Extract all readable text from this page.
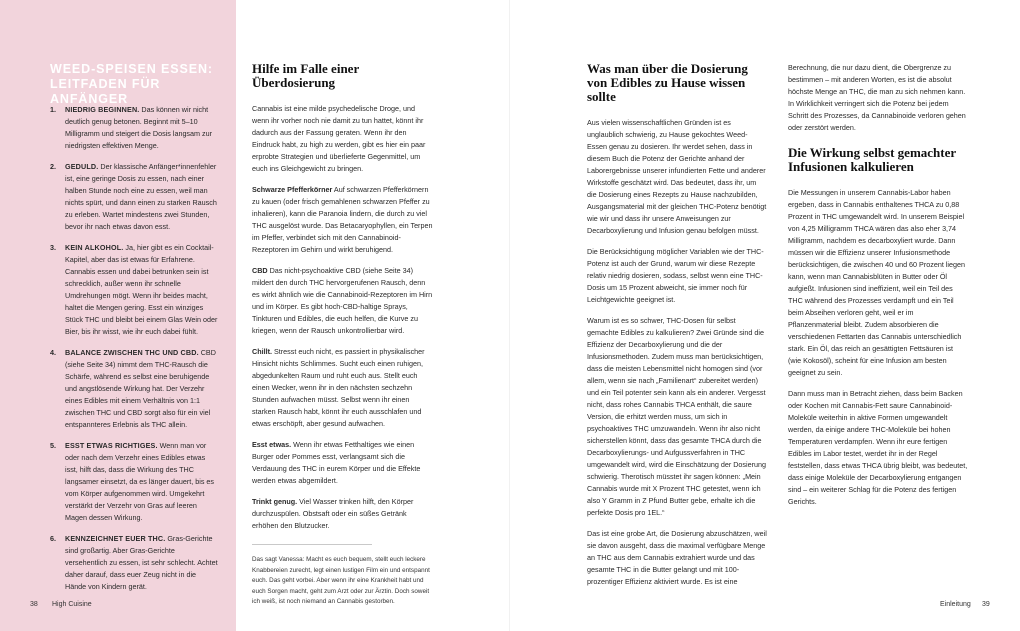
WEED-SPEISEN ESSEN: LEITFADEN FÜR ANFÄNGER
1.	NIEDRIG BEGINNEN. Das können wir nicht deutlich genug betonen. Beginnt mit 5–10 Milligramm und steigert die Dosis langsam zur niedrigsten effektiven Menge.
2.	GEDULD. Der klassische Anfänger*innenfehler ist, eine geringe Dosis zu essen, nach einer halben Stunde noch eine zu essen, weil man nichts spürt, und dann einen zu starken Rausch zu erleben. Wartet mindestens zwei Stunden, bevor ihr nach etwas davon esst.
3.	KEIN ALKOHOL. Ja, hier gibt es ein Cocktail-Kapitel, aber das ist etwas für Erfahrene. Cannabis essen und dabei betrunken sein ist schrecklich, außer wenn ihr schnelle Umdrehungen mögt. Wenn ihr beides macht, haltet die Mengen gering. Esst ein winziges Stück THC und bleibt bei einem Glas Wein oder Bier, bis ihr wisst, wie ihr euch dabei fühlt.
4.	BALANCE ZWISCHEN THC UND CBD. CBD (siehe Seite 34) nimmt dem THC-Rausch die Schärfe, während es selbst eine beruhigende und angstlösende Wirkung hat. Der Verzehr eines Edibles mit einem Verhältnis von 1:1 zwischen THC und CBD sorgt also für ein viel entspannteres Erlebnis als THC allein.
5.	ESST ETWAS RICHTIGES. Wenn man vor oder nach dem Verzehr eines Edibles etwas isst, hilft das, dass die Wirkung des THC langsamer einsetzt, da es länger dauert, bis es vom Körper aufgenommen wird. Umgekehrt verstärkt der Verzehr von Gras auf leeren Magen dessen Wirkung.
6.	KENNZEICHNET EUER THC. Gras-Gerichte sind großartig. Aber Gras-Gerichte versehentlich zu essen, ist sehr schlecht. Achtet daher darauf, dass euer Zeug nicht in die Hände von Kindern gerät.
Hilfe im Falle einer Überdosierung

Cannabis ist eine milde psychedelische Droge, und wenn ihr vorher noch nie damit zu tun hattet, könnt ihr dadurch aus der Fassung geraten. Wenn ihr den Eindruck habt, zu high zu werden, gibt es hier ein paar erprobte Strategien und überlieferte Gegenmittel, um euch ins Gleichgewicht zu bringen.

Schwarze Pfefferkörner Auf schwarzen Pfefferkörnern zu kauen (oder frisch gemahlenen schwarzen Pfeffer zu inhalieren), kann die Paranoia lindern, die durch zu viel THC ausgelöst wurde. Das Betacaryophyllen, ein Terpen im Pfeffer, verbindet sich mit den Cannabinoid-Rezeptoren im Gehirn und wirkt beruhigend.

CBD Das nicht-psychoaktive CBD (siehe Seite 34) mildert den durch THC hervorgerufenen Rausch, denn es wirkt ähnlich wie die Cannabinoid-Rezeptoren im Hirn und im Körper. Es gibt hoch-CBD-haltige Sprays, Tinkturen und Edibles, die euch helfen, die Kurve zu kriegen, wenn der Rausch unkontrollierbar wird.

Chillt. Stresst euch nicht, es passiert in physikalischer Hinsicht nichts Schlimmes. Sucht euch einen ruhigen, abgedunkelten Raum und ruht euch aus. Stellt euch einen Wecker, wenn ihr in den nächsten sechzehn Stunden aufwachen müsst. Selbst wenn ihr einen starken Rausch habt, könnt ihr euch ausschlafen und etwas erschöpft, aber gesund aufwachen.

Esst etwas. Wenn ihr etwas Fetthaltiges wie einen Burger oder Pommes esst, verlangsamt sich die Verdauung des THC in eurem Körper und die Effekte werden etwas abgemildert.

Trinkt genug. Viel Wasser trinken hilft, den Körper durchzuspülen. Obstsaft oder ein süßes Getränk erhöhen den Blutzucker.

Das sagt Vanessa: Macht es euch bequem, stellt euch leckere Knabbereien zurecht, legt einen lustigen Film ein und entspannt euch. Das geht vorbei. Aber wenn ihr eine Krankheit habt und euch Sorgen macht, geht zum Arzt oder zur Ärztin. Doch soweit ich weiß, ist noch niemand an Cannabis gestorben.

38 High Cuisine
Was man über die Dosierung von Edibles zu Hause wissen sollte

Aus vielen wissenschaftlichen Gründen ist es unglaublich schwierig, zu Hause gekochtes Weed-Essen genau zu dosieren. Ihr werdet sehen, dass in diesem Buch die Potenz der Gerichte anhand der Laborergebnisse unserer infundierten Fette und anderer Wirkstoffe geschätzt wird. Das bedeutet, dass ihr, um die Dosierung eines Rezepts zu Hause nachzubilden, Ausgangsmaterial mit der gleichen THC-Potenz benötigt wie wir und dass ihr unsere Anweisungen zur Decarboxylierung und Infusion genau befolgen müsst.

Die Berücksichtigung möglicher Variablen wie der THC-Potenz ist auch der Grund, warum wir diese Rezepte relativ niedrig dosieren, sodass, selbst wenn eine THC-Dosis um 15 Prozent abweicht, sie immer noch für Leichtgewichte geeignet ist.

Warum ist es so schwer, THC-Dosen für selbst gemachte Edibles zu kalkulieren? Zwei Gründe sind die Effizienz der Decarboxylierung und die der Infusionsmethoden. Zudem muss man berücksichtigen, dass die meisten Lebensmittel nicht homogen sind (vor allem, wenn sie nach „Familienart“ zubereitet werden) und ein Teil potenter sein kann als ein anderer. Vergesst nicht, dass rohes Cannabis THCA enthält, die saure Version, die erhitzt werden muss, um sich in psychoaktives THC umzuwandeln. Wenn ihr also nicht sicherstellen könnt, dass das gesamte THCA durch die Decarboxylierungs- und Aufgussverfahren in THC umgewandelt wird, wird die Einschätzung der Dosierung schwierig. Therotisch müsstet ihr sagen können: „Mein Cannabis wurde mit X Prozent THC getestet, wenn ich also Y Gramm in Z Pfund Butter gebe, erhalte ich die perfekte Dosis pro 1EL.“

Das ist eine grobe Art, die Dosierung abzuschätzen, weil sie davon ausgeht, dass die maximal verfügbare Menge an THC aus dem Cannabis extrahiert wurde und das gesamte THC in die Butter gelangt und mit 100-prozentiger Effizienz aktiviert wurde. Es ist eine

Berechnung, die nur dazu dient, die Obergrenze zu bestimmen – mit anderen Worten, es ist die absolut höchste Menge an THC, die man zu sich nehmen kann. In Wirklichkeit verringert sich die Potenz bei jedem Schritt des Prozesses, da Cannabinoide verloren gehen oder zerstört werden.

Die Wirkung selbst gemachter Infusionen kalkulieren

Die Messungen in unserem Cannabis-Labor haben ergeben, dass in Cannabis enthaltenes THCA zu 0,88 Prozent in THC umgewandelt wird. In unserem Beispiel von 4,25 Milligramm THCA wären das also eher 3,74 Milligramm, nachdem es decarboxyliert wurde. Dann müssen wir die Effizienz unserer Infusionsmethode berücksichtigen, die zwischen 40 und 60 Prozent liegen kann, wenn man Cannabisblüten in Butter oder Öl aufgießt. Infusionen sind ineffizient, weil ein Teil des THC während des Prozesses verdampft und ein Teil beim Abseihen verloren geht, weil er im Pflanzenmaterial bleibt. Zudem absorbieren die verschiedenen Fettarten das Cannabis unterschiedlich stark. Ein Öl, das reich an gesättigten Fettsäuren ist (wie Kokosöl), scheint für eine Infusion am besten geeignet zu sein.

Dann muss man in Betracht ziehen, dass beim Backen oder Kochen mit Cannabis-Fett saure Cannabinoid-Moleküle weiterhin in aktive Formen umgewandelt werden, da einige andere THC-Moleküle bei hohen Temperaturen verdampfen. Wenn ihr eure fertigen Edibles im Labor testet, werdet ihr in der Regel feststellen, dass etwas THCA übrig bleibt, was bedeutet, dass einige Moleküle der Decarboxylierung entgangen sind – ein weiterer Schlag für die Potenz des fertigen Gerichts.

Einleitung 39
